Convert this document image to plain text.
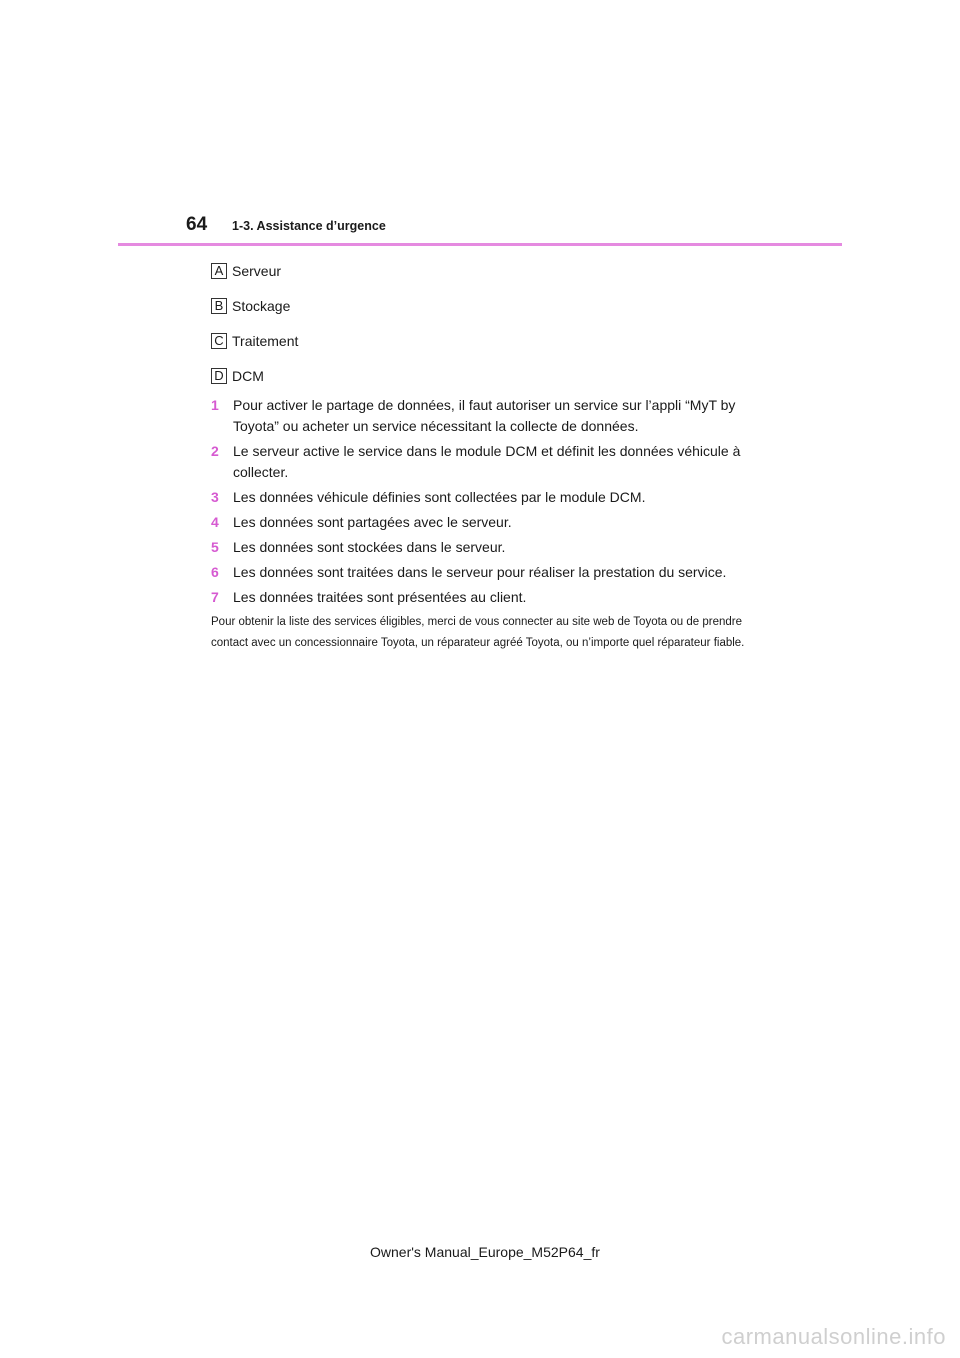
64 1-3. Assistance d’urgence
A Serveur
B Stockage
C Traitement
D DCM
1	Pour activer le partage de données, il faut autoriser un service sur l’appli “MyT by Toyota” ou acheter un service nécessitant la collecte de données.
2	Le serveur active le service dans le module DCM et définit les données véhicule à collecter.
3	Les données véhicule définies sont collectées par le module DCM.
4	Les données sont partagées avec le serveur.
5	Les données sont stockées dans le serveur.
6	Les données sont traitées dans le serveur pour réaliser la prestation du service.
7	Les données traitées sont présentées au client.
Pour obtenir la liste des services éligibles, merci de vous connecter au site web de Toyota ou de prendre contact avec un concessionnaire Toyota, un réparateur agréé Toyota, ou n’importe quel réparateur fiable.
Owner's Manual_Europe_M52P64_fr
carmanualsonline.info
